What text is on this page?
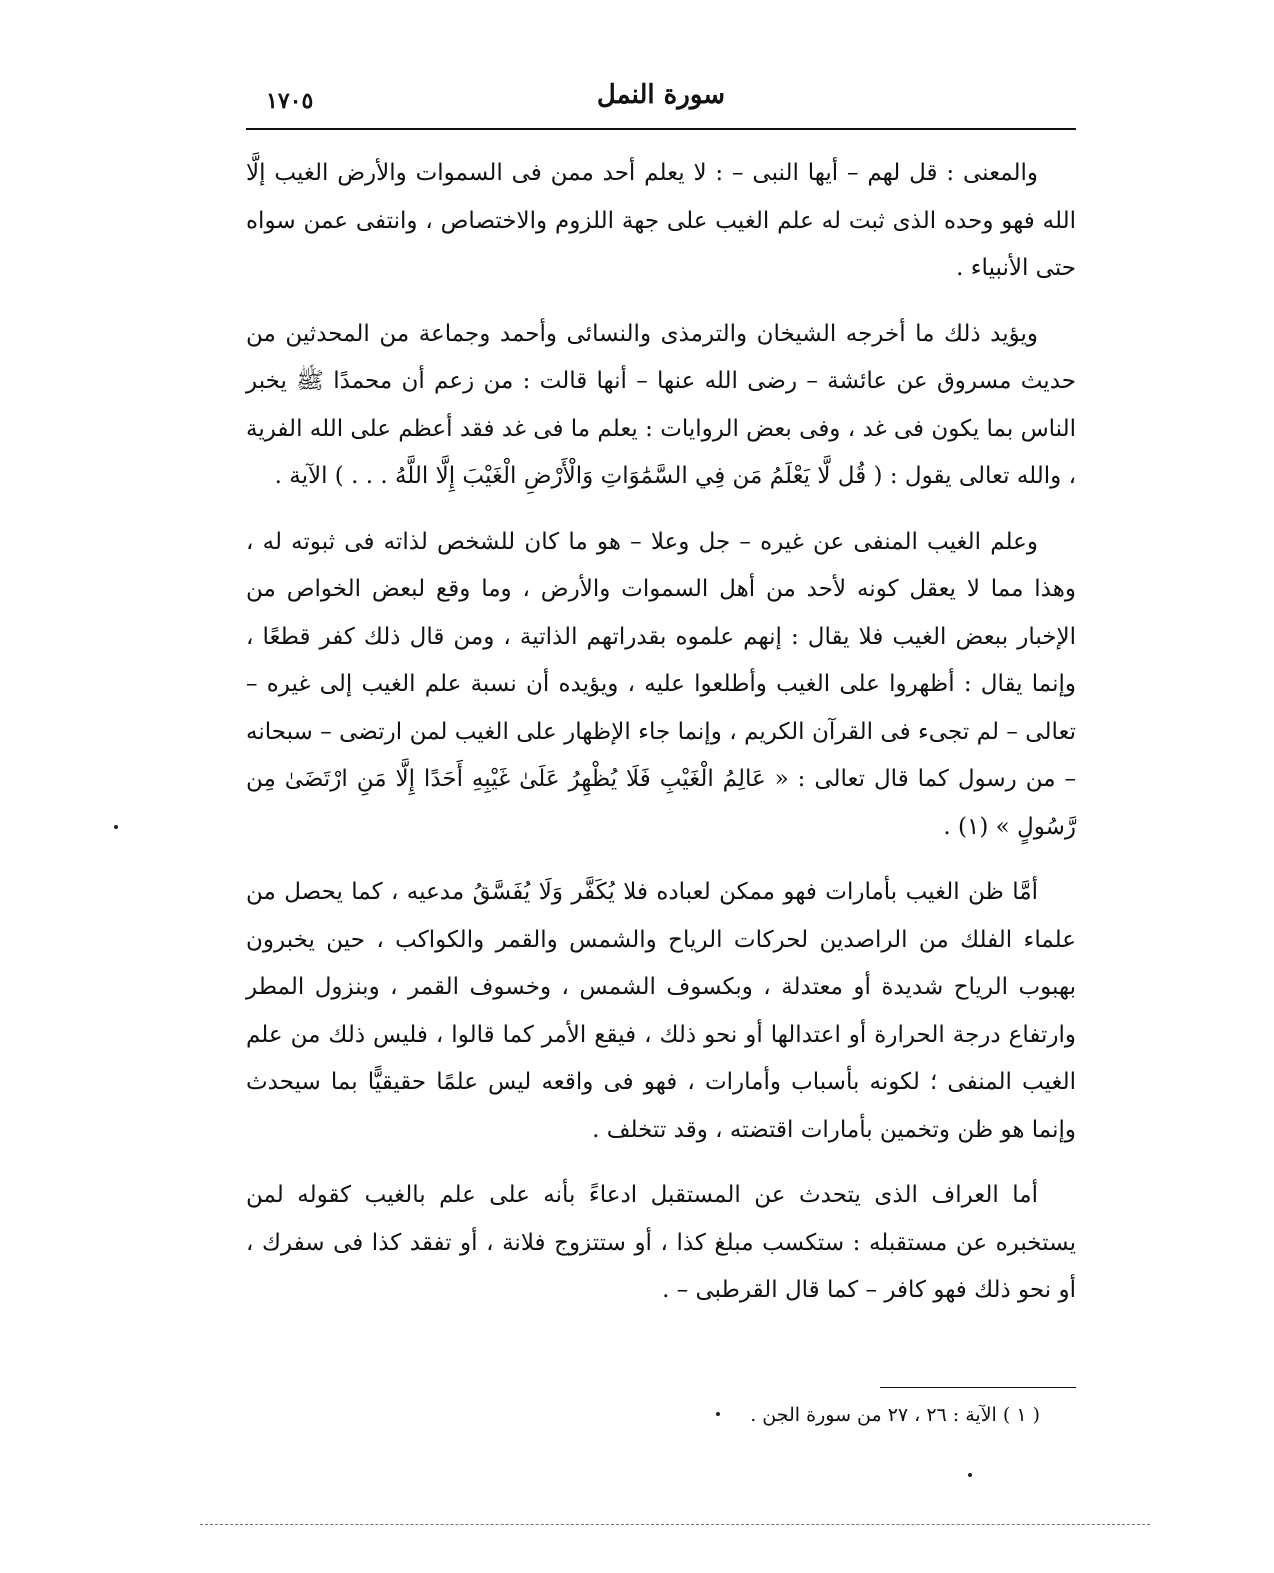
١٧٠٥	سورة النمل

والمعنى : قل لهم – أيها النبى – : لا يعلم أحد ممن فى السموات والأرض الغيب إلَّا الله فهو وحده الذى ثبت له علم الغيب على جهة اللزوم والاختصاص ، وانتفى عمن سواه حتى الأنبياء .

ويؤيد ذلك ما أخرجه الشيخان والترمذى والنسائى وأحمد وجماعة من المحدثين من حديث مسروق عن عائشة – رضى الله عنها – أنها قالت : من زعم أن محمدًا ﷺ يخبر الناس بما يكون فى غد ، وفى بعض الروايات : يعلم ما فى غد فقد أعظم على الله الفرية ، والله تعالى يقول : ( قُل لَّا يَعْلَمُ مَن فِي السَّمَٰوَاتِ وَالْأَرْضِ الْغَيْبَ إِلَّا اللَّهُ . . . ) الآية .

وعلم الغيب المنفى عن غيره – جل وعلا – هو ما كان للشخص لذاته فى ثبوته له ، وهذا مما لا يعقل كونه لأحد من أهل السموات والأرض ، وما وقع لبعض الخواص من الإخبار ببعض الغيب فلا يقال : إنهم علموه بقدراتهم الذاتية ، ومن قال ذلك كفر قطعًا ، وإنما يقال : أظهروا على الغيب وأطلعوا عليه ، ويؤيده أن نسبة علم الغيب إلى غيره – تعالى – لم تجىء فى القرآن الكريم ، وإنما جاء الإظهار على الغيب لمن ارتضى – سبحانه – من رسول كما قال تعالى : « عَالِمُ الْغَيْبِ فَلَا يُظْهِرُ عَلَىٰ غَيْبِهِ أَحَدًا إِلَّا مَنِ ارْتَضَىٰ مِن رَّسُولٍ » (١) .

أمَّا ظن الغيب بأمارات فهو ممكن لعباده فلا يُكَفَّر وَلَا يُفَسَّقُ مدعيه ، كما يحصل من علماء الفلك من الراصدين لحركات الرياح والشمس والقمر والكواكب ، حين يخبرون بهبوب الرياح شديدة أو معتدلة ، وبكسوف الشمس ، وخسوف القمر ، وبنزول المطر وارتفاع درجة الحرارة أو اعتدالها أو نحو ذلك ، فيقع الأمر كما قالوا ، فليس ذلك من علم الغيب المنفى ؛ لكونه بأسباب وأمارات ، فهو فى واقعه ليس علمًا حقيقيًّا بما سيحدث وإنما هو ظن وتخمين بأمارات اقتضته ، وقد تتخلف .

أما العراف الذى يتحدث عن المستقبل ادعاءً بأنه على علم بالغيب كقوله لمن يستخبره عن مستقبله : ستكسب مبلغ كذا ، أو ستتزوج فلانة ، أو تفقد كذا فى سفرك ، أو نحو ذلك فهو كافر – كما قال القرطبى – .

( ١ ) الآية : ٢٦ ، ٢٧ من سورة الجن .
